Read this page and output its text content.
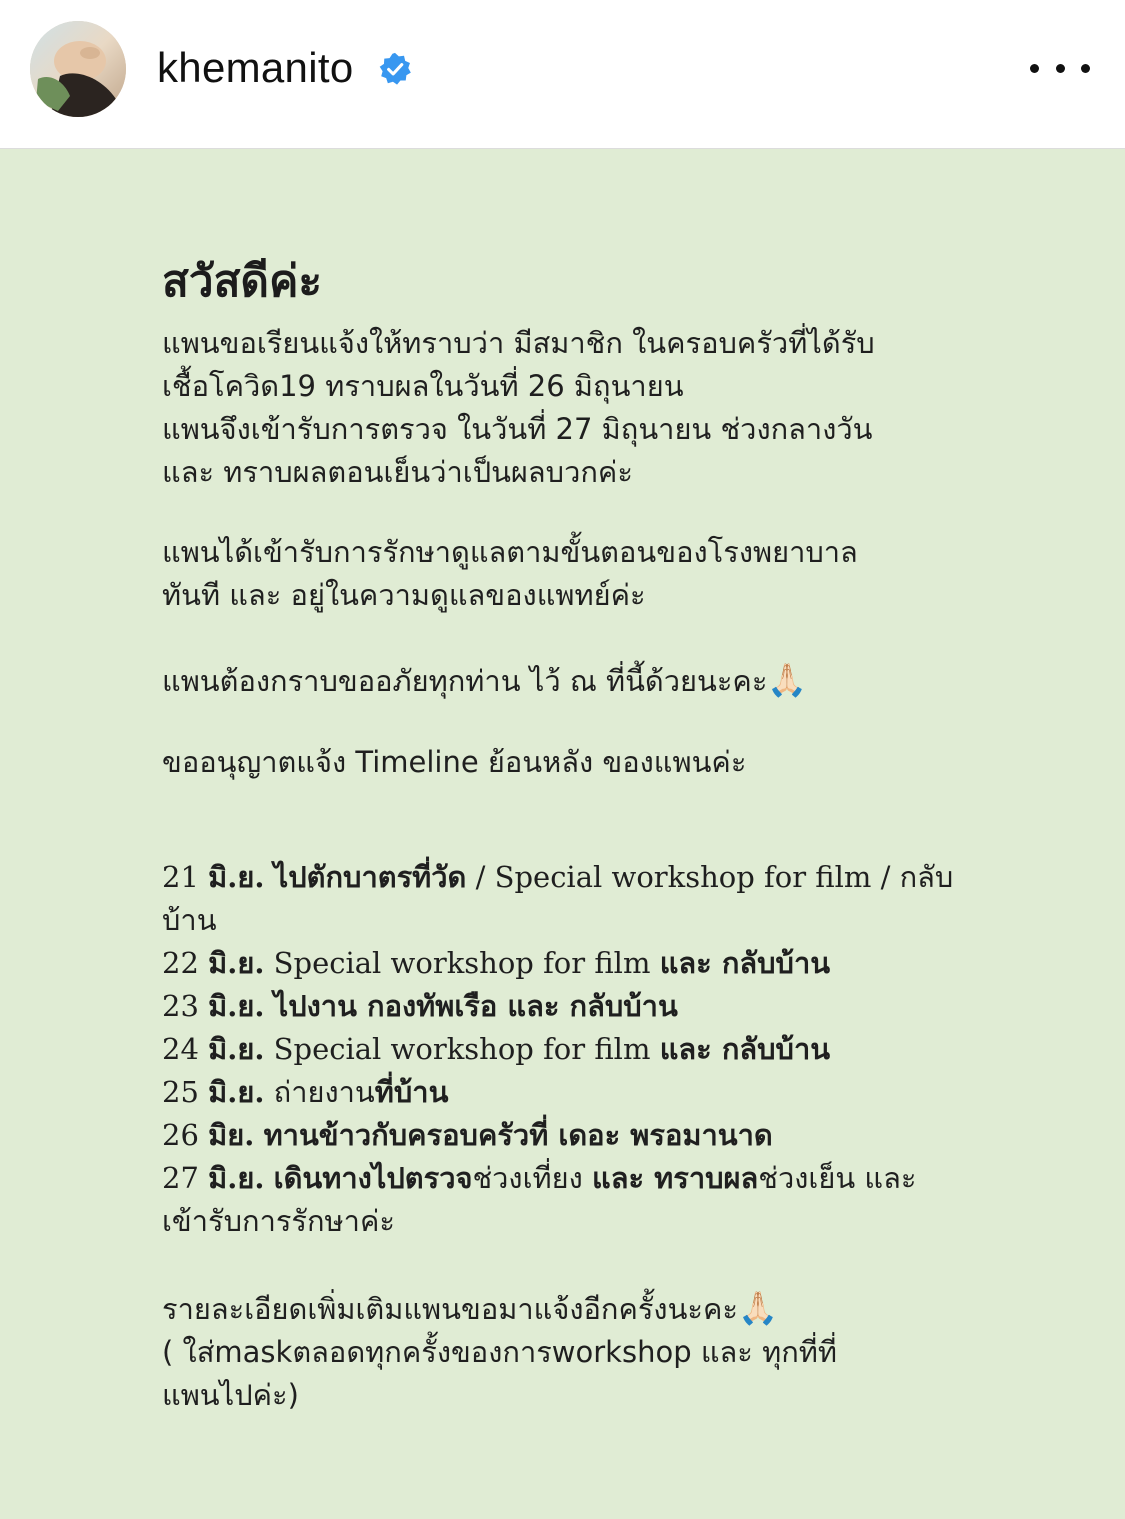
khemanito
สวัสดีค่ะ

แพนขอเรียนแจ้งให้ทราบว่า มีสมาชิก ในครอบครัวที่ได้รับ

เชื้อโควิด19 ทราบผลในวันที่ 26 มิถุนายน

แพนจึงเข้ารับการตรวจ ในวันที่ 27 มิถุนายน ช่วงกลางวัน

และ ทราบผลตอนเย็นว่าเป็นผลบวกค่ะ

แพนได้เข้ารับการรักษาดูแลตามขั้นตอนของโรงพยาบาล

ทันที และ อยู่ในความดูแลของแพทย์ค่ะ

แพนต้องกราบขออภัยทุกท่าน ไว้ ณ ที่นี้ด้วยนะคะ🙏🏻

ขออนุญาตแจ้ง Timeline ย้อนหลัง ของแพนค่ะ

21 มิ.ย. ไปตักบาตรที่วัด / Special workshop for film / กลับ

บ้าน

22 มิ.ย. Special workshop for film และ กลับบ้าน

23 มิ.ย. ไปงาน กองทัพเรือ และ กลับบ้าน

24 มิ.ย. Special workshop for film และ กลับบ้าน

25 มิ.ย. ถ่ายงานที่บ้าน

26 มิย. ทานข้าวกับครอบครัวที่ เดอะ พรอมานาด

27 มิ.ย. เดินทางไปตรวจช่วงเที่ยง และ ทราบผลช่วงเย็น และ

เข้ารับการรักษาค่ะ

รายละเอียดเพิ่มเติมแพนขอมาแจ้งอีกครั้งนะคะ🙏🏻

( ใส่maskตลอดทุกครั้งของการworkshop และ ทุกที่ที่

แพนไปค่ะ)
